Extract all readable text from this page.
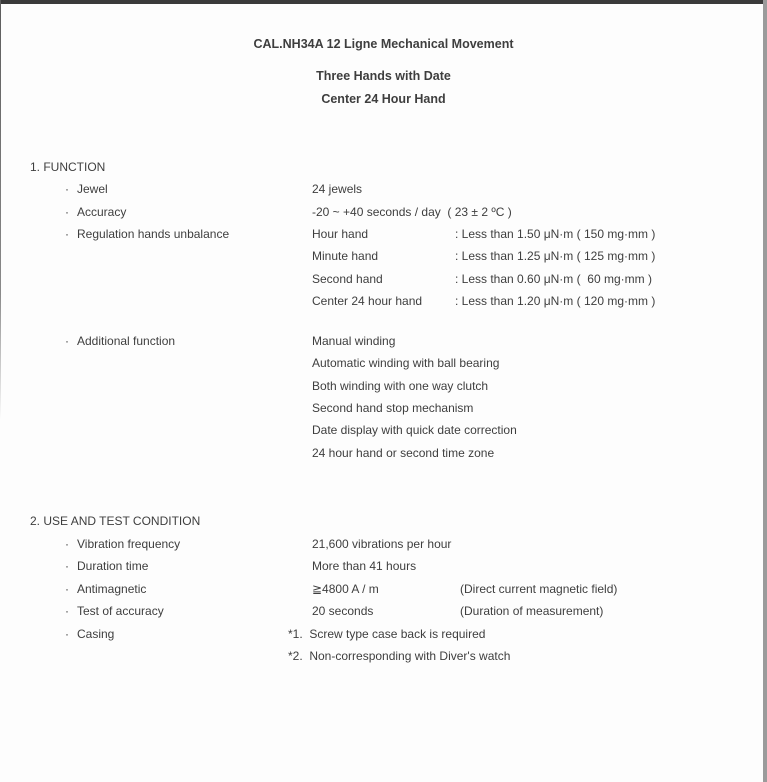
CAL.NH34A 12 Ligne Mechanical Movement
Three Hands with Date
Center 24 Hour Hand
1. FUNCTION
· Jewel	24 jewels
· Accuracy	-20 ~ +40 seconds / day  ( 23 ± 2 ºC )
· Regulation hands unbalance	Hour hand	: Less than 1.50 μN·m ( 150 mg·mm )
Minute hand	: Less than 1.25 μN·m ( 125 mg·mm )
Second hand	: Less than 0.60 μN·m (  60 mg·mm )
Center 24 hour hand	: Less than 1.20 μN·m ( 120 mg·mm )
· Additional function	Manual winding
Automatic winding with ball bearing
Both winding with one way clutch
Second hand stop mechanism
Date display with quick date correction
24 hour hand or second time zone
2. USE AND TEST CONDITION
· Vibration frequency	21,600 vibrations per hour
· Duration time	More than 41 hours
· Antimagnetic	≧4800 A / m	(Direct current magnetic field)
· Test of accuracy	20 seconds	(Duration of measurement)
· Casing	*1.  Screw type case back is required
*2.  Non-corresponding with Diver's watch
